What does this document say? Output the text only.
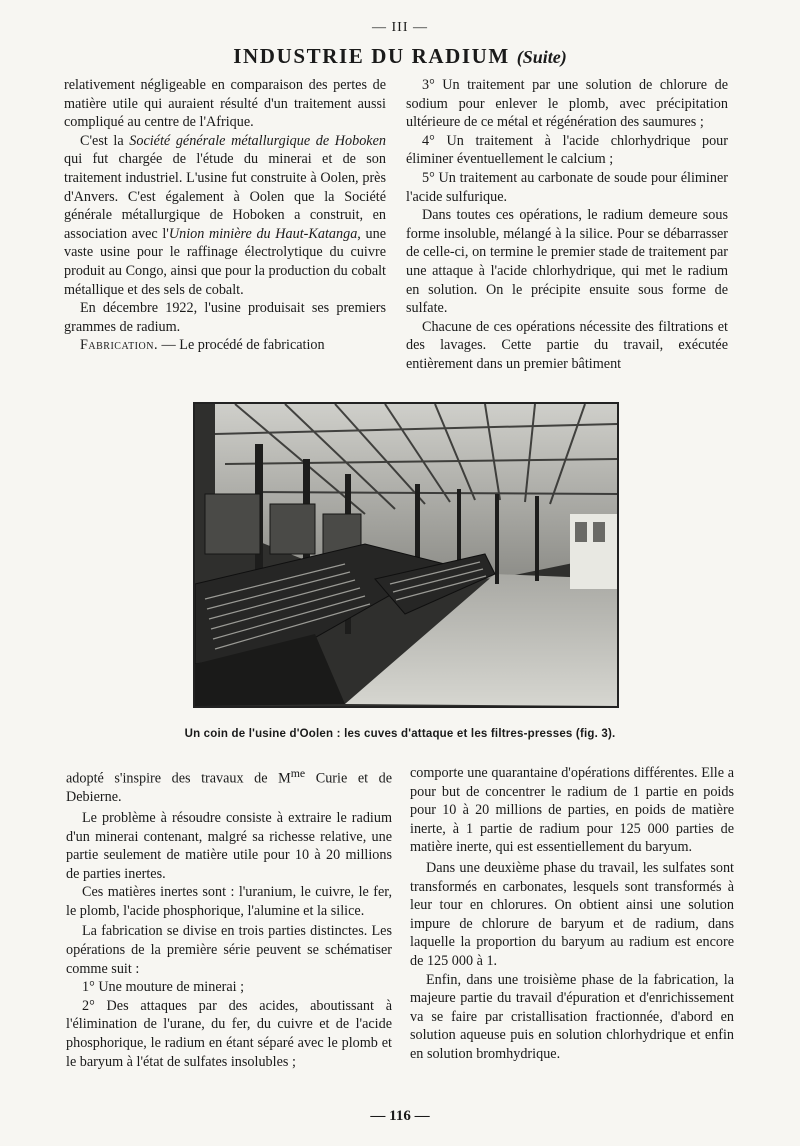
— III —
INDUSTRIE DU RADIUM (Suite)

relativement négligeable en comparaison des pertes de matière utile qui auraient résulté d'un traitement aussi compliqué au centre de l'Afrique.

C'est la Société générale métallurgique de Hoboken qui fut chargée de l'étude du minerai et de son traitement industriel. L'usine fut construite à Oolen, près d'Anvers. C'est également à Oolen que la Société générale métallurgique de Hoboken a construit, en association avec l'Union minière du Haut-Katanga, une vaste usine pour le raffinage électrolytique du cuivre produit au Congo, ainsi que pour la production du cobalt métallique et des sels de cobalt.

En décembre 1922, l'usine produisait ses premiers grammes de radium.

Fabrication. — Le procédé de fabrication

3° Un traitement par une solution de chlorure de sodium pour enlever le plomb, avec précipitation ultérieure de ce métal et régénération des saumures ;

4° Un traitement à l'acide chlorhydrique pour éliminer éventuellement le calcium ;

5° Un traitement au carbonate de soude pour éliminer l'acide sulfurique.

Dans toutes ces opérations, le radium demeure sous forme insoluble, mélangé à la silice. Pour se débarrasser de celle-ci, on termine le premier stade de traitement par une attaque à l'acide chlorhydrique, qui met le radium en solution. On le précipite ensuite sous forme de sulfate.

Chacune de ces opérations nécessite des filtrations et des lavages. Cette partie du travail, exécutée entièrement dans un premier bâtiment

Un coin de l'usine d'Oolen : les cuves d'attaque et les filtres-presses (fig. 3).

adopté s'inspire des travaux de $M^{me}$ Curie et de Debierne.

Le problème à résoudre consiste à extraire le radium d'un minerai contenant, malgré sa richesse relative, une partie seulement de matière utile pour 10 à 20 millions de parties inertes.

Ces matières inertes sont : l'uranium, le cuivre, le fer, le plomb, l'acide phosphorique, l'alumine et la silice.

La fabrication se divise en trois parties distinctes. Les opérations de la première série peuvent se schématiser comme suit :

1° Une mouture de minerai ;

2° Des attaques par des acides, aboutissant à l'élimination de l'urane, du fer, du cuivre et de l'acide phosphorique, le radium en étant séparé avec le plomb et le baryum à l'état de sulfates insolubles ;

comporte une quarantaine d'opérations différentes. Elle a pour but de concentrer le radium de 1 partie en poids pour 10 à 20 millions de parties, en poids de matière inerte, à 1 partie de radium pour 125 000 parties de matière inerte, qui est essentiellement du baryum.

Dans une deuxième phase du travail, les sulfates sont transformés en carbonates, lesquels sont transformés à leur tour en chlorures. On obtient ainsi une solution impure de chlorure de baryum et de radium, dans laquelle la proportion du baryum au radium est encore de 125 000 à 1.

Enfin, dans une troisième phase de la fabrication, la majeure partie du travail d'épuration et d'enrichissement va se faire par cristallisation fractionnée, d'abord en solution aqueuse puis en solution chlorhydrique et enfin en solution bromhydrique.

— 116 —
